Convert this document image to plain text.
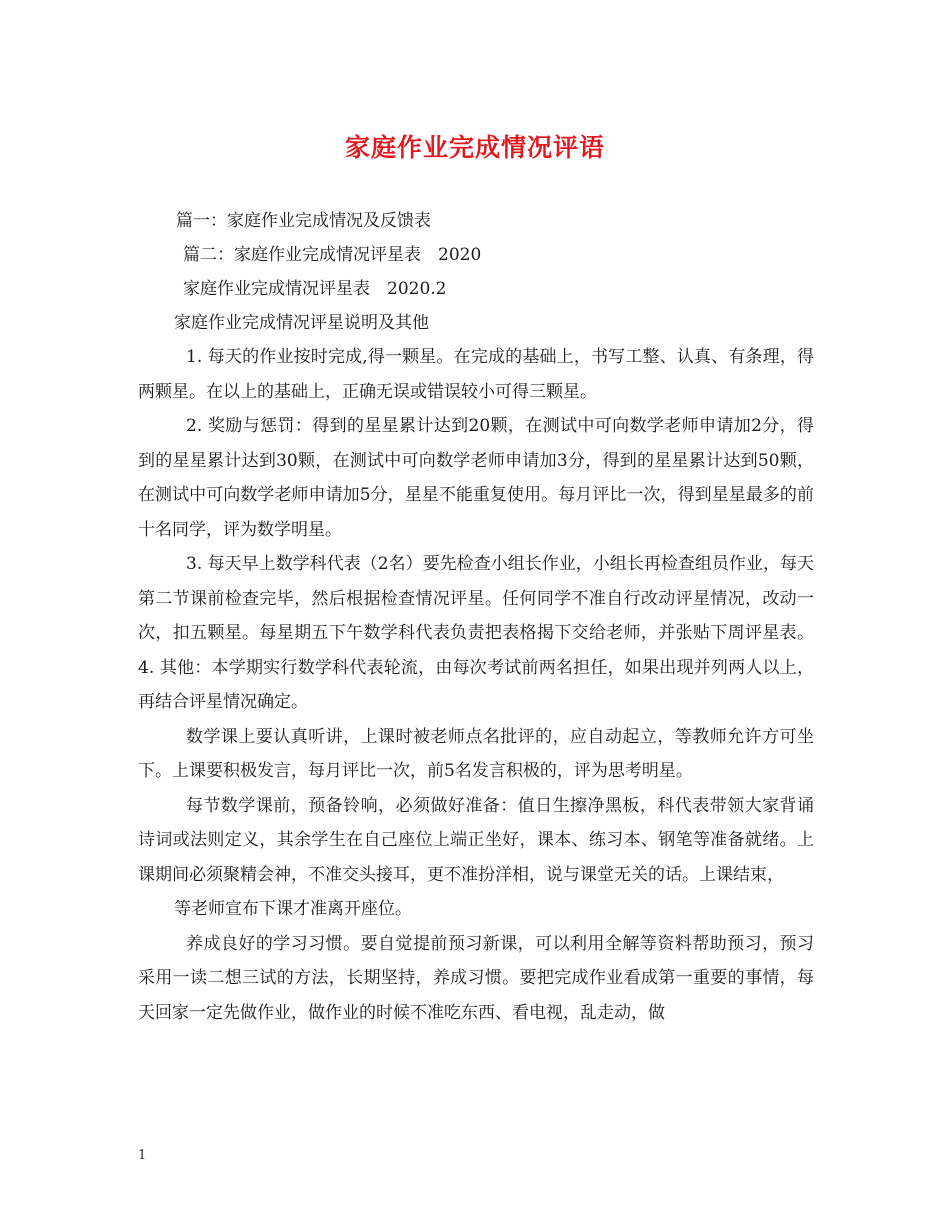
家庭作业完成情况评语

篇一：家庭作业完成情况及反馈表

篇二：家庭作业完成情况评星表　2020

家庭作业完成情况评星表　2020.2

家庭作业完成情况评星说明及其他

1. 每天的作业按时完成,得一颗星。在完成的基础上，书写工整、认真、有条理，得两颗星。在以上的基础上，正确无误或错误较小可得三颗星。

2. 奖励与惩罚：得到的星星累计达到20颗，在测试中可向数学老师申请加2分，得到的星星累计达到30颗，在测试中可向数学老师申请加3分，得到的星星累计达到50颗，在测试中可向数学老师申请加5分，星星不能重复使用。每月评比一次，得到星星最多的前十名同学，评为数学明星。

3. 每天早上数学科代表（2名）要先检查小组长作业，小组长再检查组员作业，每天第二节课前检查完毕，然后根据检查情况评星。任何同学不准自行改动评星情况，改动一次，扣五颗星。每星期五下午数学科代表负责把表格揭下交给老师，并张贴下周评星表。 4. 其他：本学期实行数学科代表轮流，由每次考试前两名担任，如果出现并列两人以上，再结合评星情况确定。

数学课上要认真听讲，上课时被老师点名批评的，应自动起立，等教师允许方可坐下。上课要积极发言，每月评比一次，前5名发言积极的，评为思考明星。

每节数学课前，预备铃响，必须做好准备：值日生擦净黑板，科代表带领大家背诵诗词或法则定义，其余学生在自己座位上端正坐好，课本、练习本、钢笔等准备就绪。上课期间必须聚精会神，不准交头接耳，更不准扮洋相，说与课堂无关的话。上课结束，

等老师宣布下课才准离开座位。

养成良好的学习习惯。要自觉提前预习新课，可以利用全解等资料帮助预习，预习采用一读二想三试的方法，长期坚持，养成习惯。要把完成作业看成第一重要的事情，每天回家一定先做作业，做作业的时候不准吃东西、看电视，乱走动，做

1
